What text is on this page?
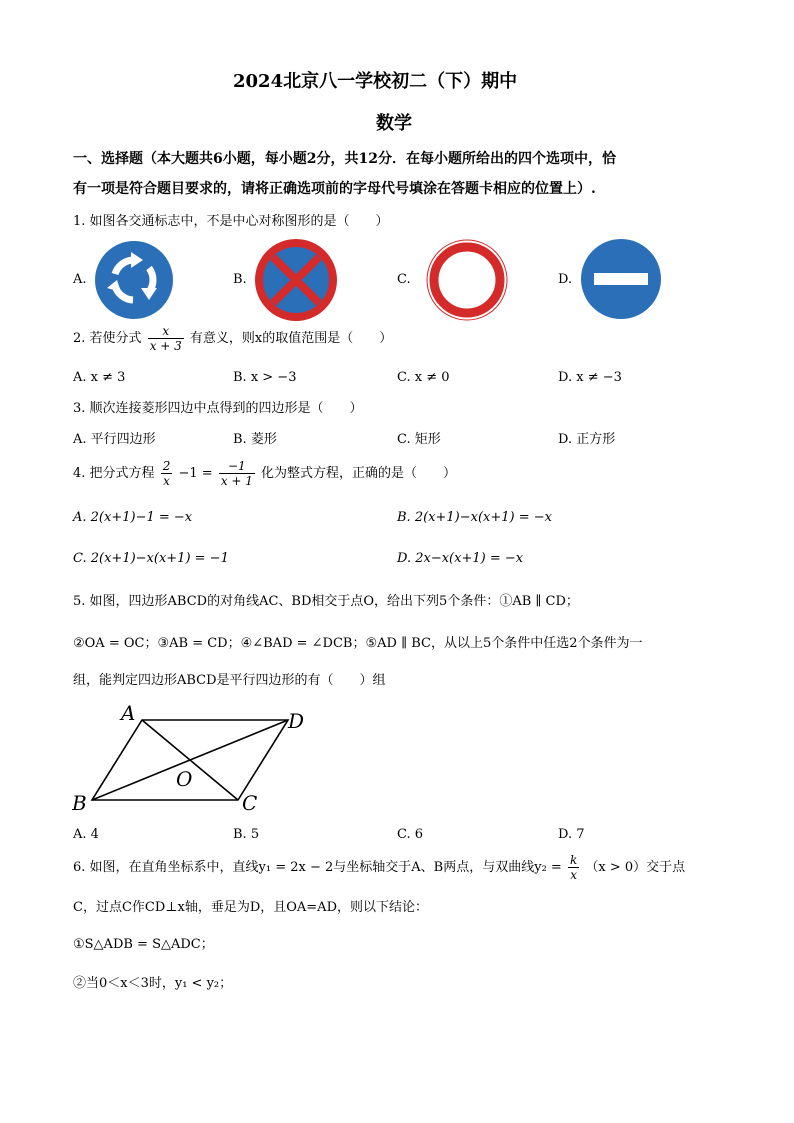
2024北京八一学校初二（下）期中
数学
一、选择题（本大题共6小题，每小题2分，共12分．在每小题所给出的四个选项中，恰
有一项是符合题目要求的，请将正确选项前的字母代号填涂在答题卡相应的位置上）.
1. 如图各交通标志中，不是中心对称图形的是（　　）
A.	B.	C.	D.
2. 若使分式 $\frac{x}{x + 3}$ 有意义，则x的取值范围是（　　）
A. x ≠ 3	B. x > −3	C. x ≠ 0	D. x ≠ −3
3. 顺次连接菱形四边中点得到的四边形是（　　）
A. 平行四边形	B. 菱形	C. 矩形	D. 正方形
4. 把分式方程 $\frac{2}{x} -1 = \frac{-1}{x + 1}$ 化为整式方程，正确的是（　　）
A. 2(x+1)−1 = −x	B. 2(x+1)−x(x+1) = −x
C. 2(x+1)−x(x+1) = −1	D. 2x−x(x+1) = −x
5. 如图，四边形ABCD的对角线AC、BD相交于点O，给出下列5个条件：①AB ∥ CD；
②OA = OC；③AB = CD；④∠BAD = ∠DCB；⑤AD ∥ BC，从以上5个条件中任选2个条件为一
组，能判定四边形ABCD是平行四边形的有（　　）组
A	D
B	C
O
A. 4	B. 5	C. 6	D. 7
6. 如图，在直角坐标系中，直线y₁ = 2x − 2与坐标轴交于A、B两点，与双曲线$y_2 = \frac{k}{x} (x > 0)$交于点
C，过点C作CD⊥x轴，垂足为D，且OA=AD，则以下结论：
①S△ADB = S△ADC；
②当0＜x＜3时，y₁ < y₂；
